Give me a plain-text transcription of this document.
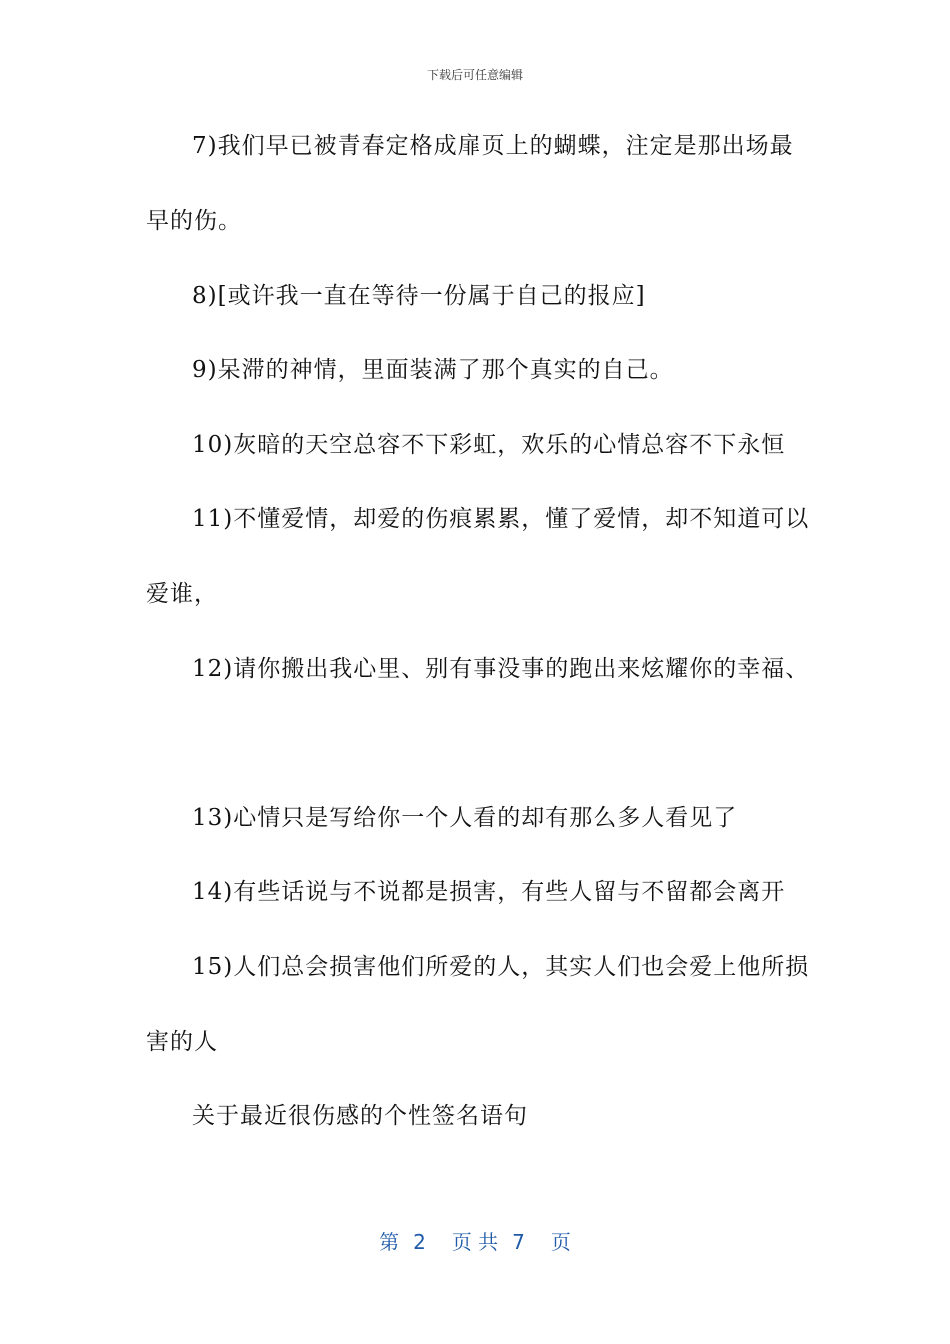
下载后可任意编辑
7)我们早已被青春定格成扉页上的蝴蝶，注定是那出场最
早的伤。
8)[或许我一直在等待一份属于自己的报应]
9)呆滞的神情，里面装满了那个真实的自己。
10)灰暗的天空总容不下彩虹，欢乐的心情总容不下永恒
11)不懂爱情，却爱的伤痕累累，懂了爱情，却不知道可以
爱谁，
12)请你搬出我心里、别有事没事的跑出来炫耀你的幸福、
13)心情只是写给你一个人看的却有那么多人看见了
14)有些话说与不说都是损害，有些人留与不留都会离开
15)人们总会损害他们所爱的人，其实人们也会爱上他所损
害的人
关于最近很伤感的个性签名语句
第 2 页 共 7 页
